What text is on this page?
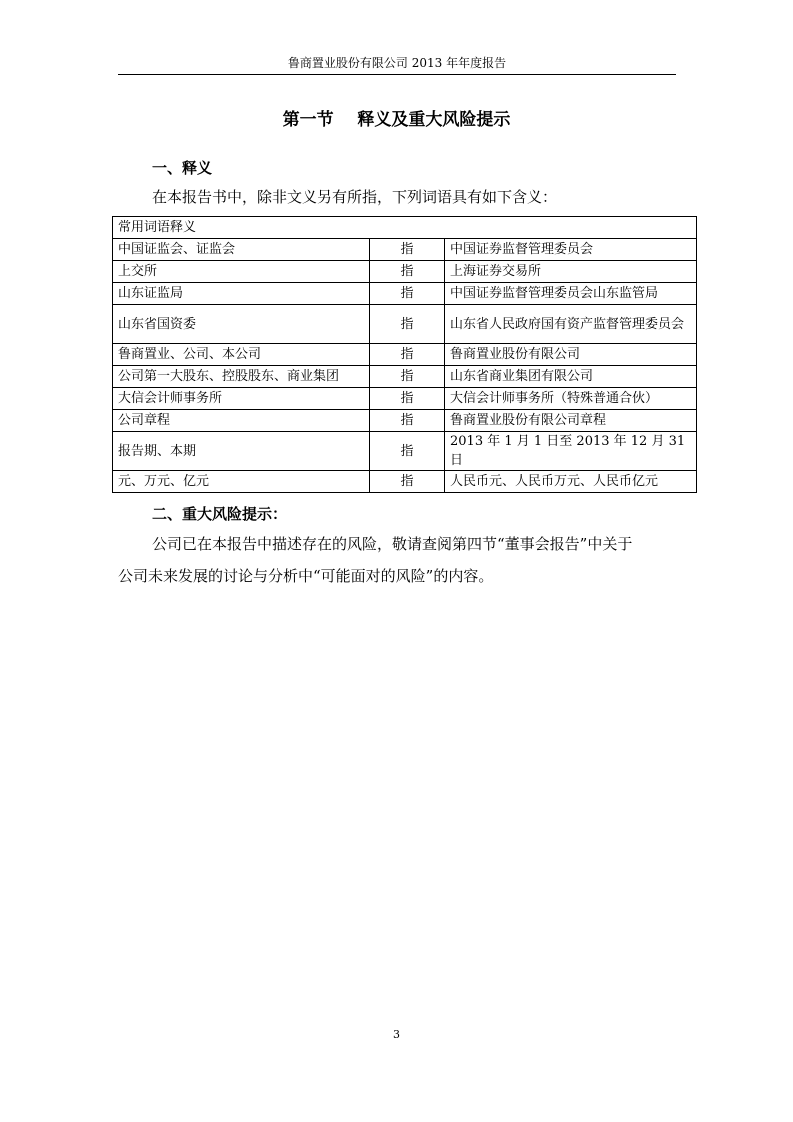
鲁商置业股份有限公司 2013 年年度报告
第一节    释义及重大风险提示
一、释义
在本报告书中，除非文义另有所指，下列词语具有如下含义：
常用词语释义		
中国证监会、证监会	指	中国证券监督管理委员会
上交所	指	上海证券交易所
山东证监局	指	中国证券监督管理委员会山东监管局
山东省国资委	指	山东省人民政府国有资产监督管理委员会
鲁商置业、公司、本公司	指	鲁商置业股份有限公司
公司第一大股东、控股股东、商业集团	指	山东省商业集团有限公司
大信会计师事务所	指	大信会计师事务所（特殊普通合伙）
公司章程	指	鲁商置业股份有限公司章程
报告期、本期	指	2013 年 1 月 1 日至 2013 年 12 月 31 日
元、万元、亿元	指	人民币元、人民币万元、人民币亿元
二、重大风险提示：
公司已在本报告中描述存在的风险，敬请查阅第四节“董事会报告”中关于
公司未来发展的讨论与分析中“可能面对的风险”的内容。
3
